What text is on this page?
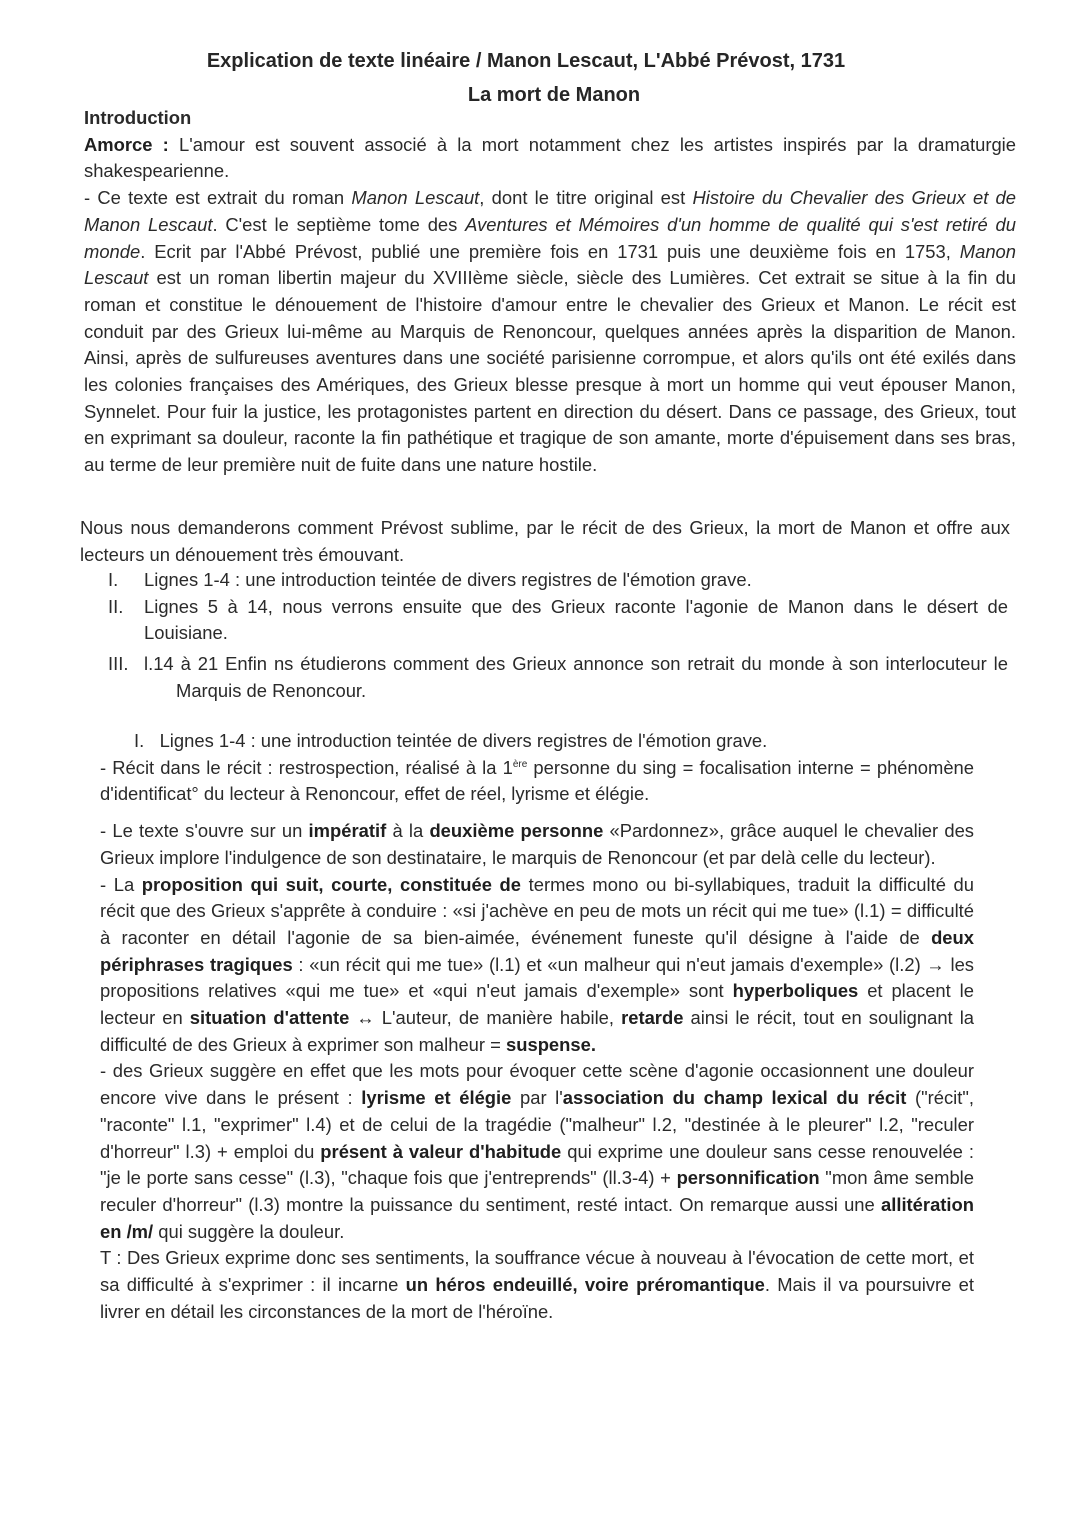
Explication de texte linéaire / Manon Lescaut, L'Abbé Prévost, 1731
La mort de Manon

Introduction

Amorce : L'amour est souvent associé à la mort notamment chez les artistes inspirés par la dramaturgie shakespearienne.

- Ce texte est extrait du roman Manon Lescaut, dont le titre original est Histoire du Chevalier des Grieux et de Manon Lescaut. C'est le septième tome des Aventures et Mémoires d'un homme de qualité qui s'est retiré du monde. Ecrit par l'Abbé Prévost, publié une première fois en 1731 puis une deuxième fois en 1753, Manon Lescaut est un roman libertin majeur du XVIIIème siècle, siècle des Lumières. Cet extrait se situe à la fin du roman et constitue le dénouement de l'histoire d'amour entre le chevalier des Grieux et Manon. Le récit est conduit par des Grieux lui-même au Marquis de Renoncour, quelques années après la disparition de Manon. Ainsi, après de sulfureuses aventures dans une société parisienne corrompue, et alors qu'ils ont été exilés dans les colonies françaises des Amériques, des Grieux blesse presque à mort un homme qui veut épouser Manon, Synnelet. Pour fuir la justice, les protagonistes partent en direction du désert. Dans ce passage, des Grieux, tout en exprimant sa douleur, raconte la fin pathétique et tragique de son amante, morte d'épuisement dans ses bras, au terme de leur première nuit de fuite dans une nature hostile.

Nous nous demanderons comment Prévost sublime, par le récit de des Grieux, la mort de Manon et offre aux lecteurs un dénouement très émouvant.

I.	Lignes 1-4 : une introduction teintée de divers registres de l'émotion grave.
II.	Lignes 5 à 14, nous verrons ensuite que des Grieux raconte l'agonie de Manon dans le désert de Louisiane.
III. l.14 à 21 Enfin ns étudierons comment des Grieux annonce son retrait du monde à son interlocuteur le Marquis de Renoncour.

I. Lignes 1-4 : une introduction teintée de divers registres de l'émotion grave.

- Récit dans le récit : restrospection, réalisé à la 1ère personne du sing = focalisation interne = phénomène d'identificat° du lecteur à Renoncour, effet de réel, lyrisme et élégie.

- Le texte s'ouvre sur un impératif à la deuxième personne «Pardonnez», grâce auquel le chevalier des Grieux implore l'indulgence de son destinataire, le marquis de Renoncour (et par delà celle du lecteur).

- La proposition qui suit, courte, constituée de termes mono ou bi-syllabiques, traduit la difficulté du récit que des Grieux s'apprête à conduire : «si j'achève en peu de mots un récit qui me tue» (l.1) = difficulté à raconter en détail l'agonie de sa bien-aimée, événement funeste qu'il désigne à l'aide de deux périphrases tragiques : «un récit qui me tue» (l.1) et «un malheur qui n'eut jamais d'exemple» (l.2) → les propositions relatives «qui me tue» et «qui n'eut jamais d'exemple» sont hyperboliques et placent le lecteur en situation d'attente ↔ L'auteur, de manière habile, retarde ainsi le récit, tout en soulignant la difficulté de des Grieux à exprimer son malheur = suspense.

- des Grieux suggère en effet que les mots pour évoquer cette scène d'agonie occasionnent une douleur encore vive dans le présent : lyrisme et élégie par l'association du champ lexical du récit ("récit", "raconte" l.1, "exprimer" l.4) et de celui de la tragédie ("malheur" l.2, "destinée à le pleurer" l.2, "reculer d'horreur" l.3) + emploi du présent à valeur d'habitude qui exprime une douleur sans cesse renouvelée : "je le porte sans cesse" (l.3), "chaque fois que j'entreprends" (ll.3-4) + personnification "mon âme semble reculer d'horreur" (l.3) montre la puissance du sentiment, resté intact. On remarque aussi une allitération en /m/ qui suggère la douleur.

T : Des Grieux exprime donc ses sentiments, la souffrance vécue à nouveau à l'évocation de cette mort, et sa difficulté à s'exprimer : il incarne un héros endeuillé, voire préromantique. Mais il va poursuivre et livrer en détail les circonstances de la mort de l'héroïne.
